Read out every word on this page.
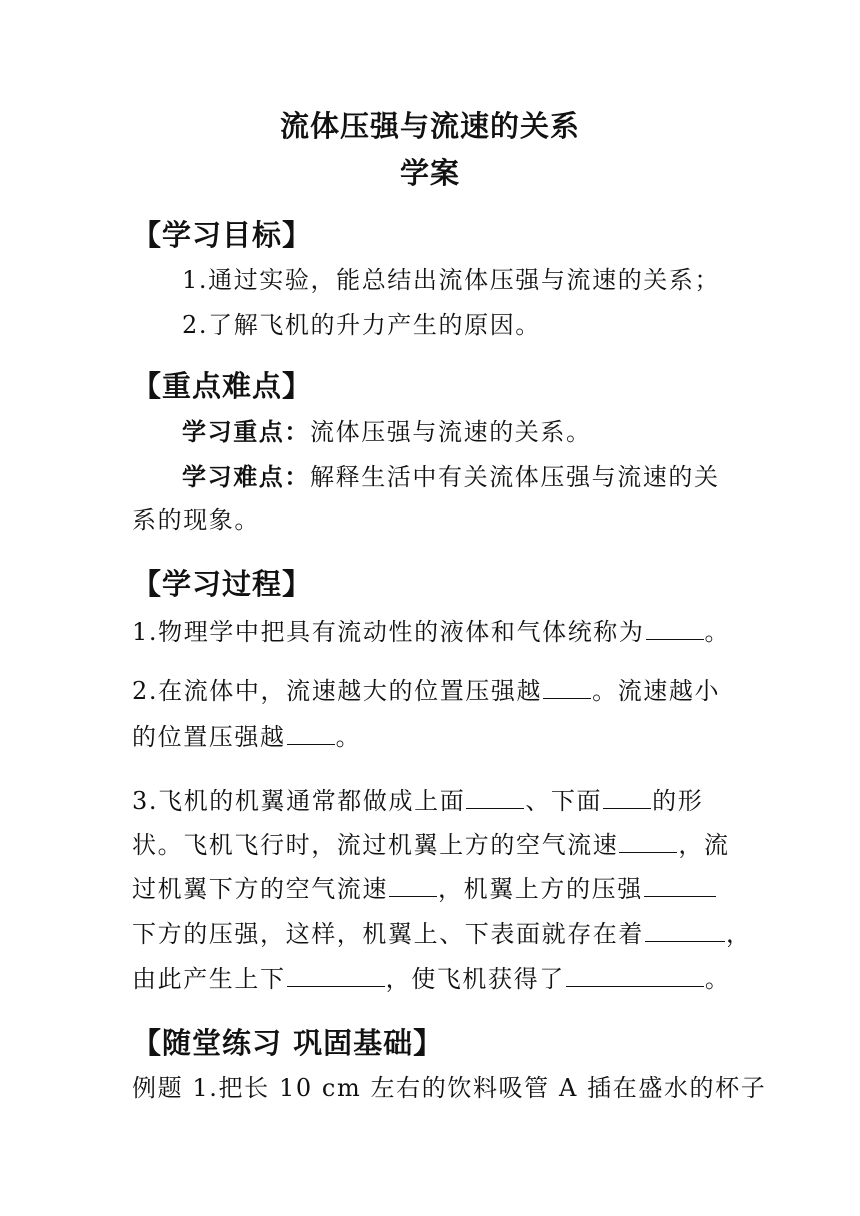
流体压强与流速的关系
学案
【学习目标】
1.通过实验，能总结出流体压强与流速的关系；
2.了解飞机的升力产生的原因。
【重点难点】
学习重点：流体压强与流速的关系。
学习难点：解释生活中有关流体压强与流速的关
系的现象。
【学习过程】
1.物理学中把具有流动性的液体和气体统称为	。
2.在流体中，流速越大的位置压强越 。流速越小
的位置压强越 。
3.飞机的机翼通常都做成上面	、下面 的形
状。飞机飞行时，流过机翼上方的空气流速	，流
过机翼下方的空气流速 ，机翼上方的压强
下方的压强，这样，机翼上、下表面就存在着	，
由此产生上下	，使飞机获得了	。
【随堂练习 巩固基础】
例题 1.把长 10 cm 左右的饮料吸管 A 插在盛水的杯子
